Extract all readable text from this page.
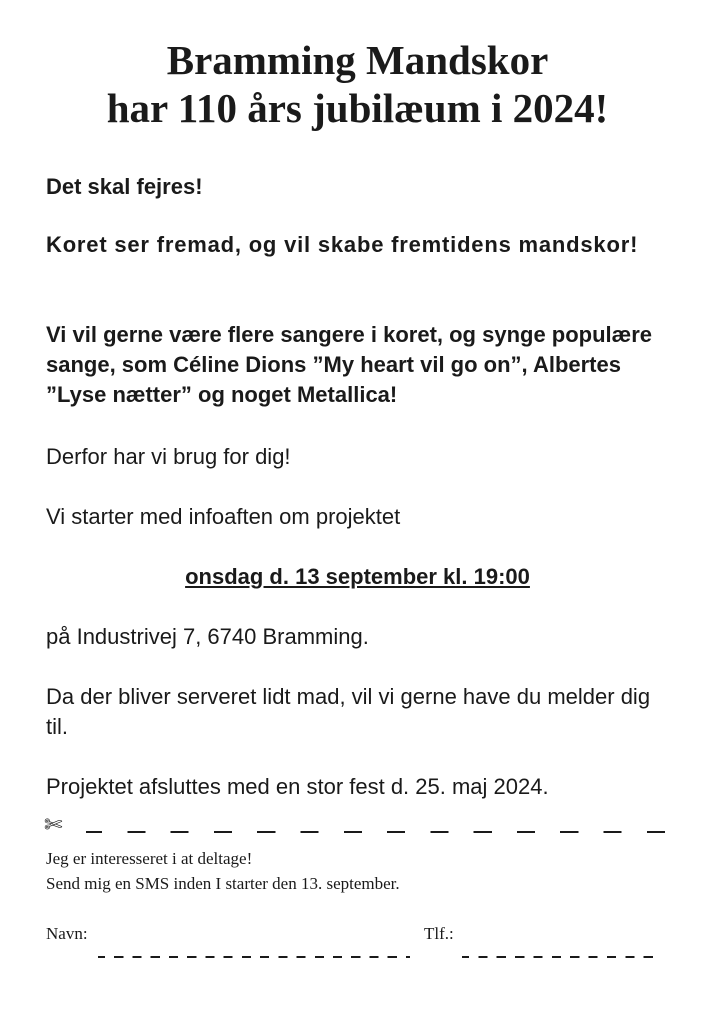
Bramming Mandskor
har 110 års jubilæum i 2024!

Det skal fejres!

Koret ser fremad, og vil skabe fremtidens mandskor!

Vi vil gerne være flere sangere i koret, og synge populære sange, som Céline Dions ”My heart vil go on”, Albertes ”Lyse nætter” og noget Metallica!

Derfor har vi brug for dig!

Vi starter med infoaften om projektet

onsdag d. 13 september kl. 19:00

på Industrivej 7, 6740 Bramming.

Da der bliver serveret lidt mad, vil vi gerne have du melder dig til.

Projektet afsluttes med en stor fest d. 25. maj 2024.

✄

Jeg er interesseret i at deltage!

Send mig en SMS inden I starter den 13. september.

Navn:	Tlf.:
